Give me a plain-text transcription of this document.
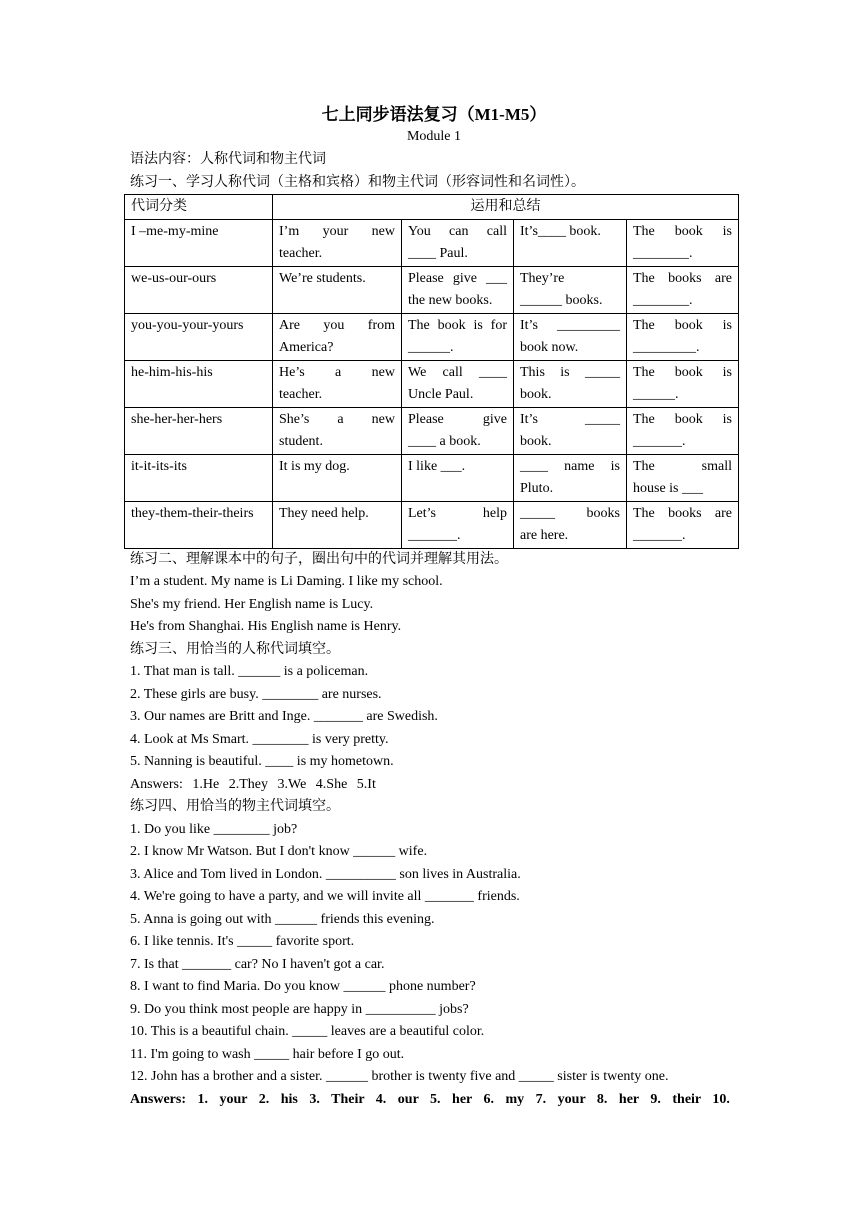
七上同步语法复习（M1-M5）

Module 1

语法内容：人称代词和物主代词

练习一、学习人称代词（主格和宾格）和物主代词（形容词性和名词性）。

代词分类	运用和总结			
I –me-my-mine	I’m your new
teacher.	You can call
____ Paul.	It’s____ book.	The book is
________.

we-us-our-ours	We’re students.	Please give ___
the new books.	They’re
______ books.	The books are
________.

you-you-your-yours	Are you from
America?	The book is for
______.	It’s _________
book now.	The book is
_________.

he-him-his-his	He’s a new
teacher.	We call ____
Uncle Paul.	This is _____
book.	The book is
______.

she-her-her-hers	She’s a new
student.	Please give
____ a book.	It’s _____
book.	The book is
_______.

it-it-its-its	It is my dog.	I like ___.	____ name is
Pluto.	The small
house is ___

they-them-their-theirs	They need help.	Let’s help
_______.	_____ books
are here.	The books are
_______.

练习二、理解课本中的句子，圈出句中的代词并理解其用法。

I’m a student. My name is Li Daming. I like my school.

She's my friend. Her English name is Lucy.

He's from Shanghai. His English name is Henry.

练习三、用恰当的人称代词填空。

1. That man is tall. ______ is a policeman.

2. These girls are busy. ________ are nurses.

3. Our names are Britt and Inge. _______ are Swedish.

4. Look at Ms Smart. ________ is very pretty.

5. Nanning is beautiful. ____ is my hometown.

Answers: 1.He 2.They 3.We 4.She 5.It

练习四、用恰当的物主代词填空。

1. Do you like ________ job?

2. I know Mr Watson. But I don't know ______ wife.

3. Alice and Tom lived in London. __________ son lives in Australia.

4. We're going to have a party, and we will invite all _______ friends.

5. Anna is going out with ______ friends this evening.

6. I like tennis. It's _____ favorite sport.

7. Is that _______ car? No I haven't got a car.

8. I want to find Maria. Do you know ______ phone number?

9. Do you think most people are happy in __________ jobs?

10. This is a beautiful chain. _____ leaves are a beautiful color.

11. I'm going to wash _____ hair before I go out.

12. John has a brother and a sister. ______ brother is twenty five and _____ sister is twenty one.

Answers: 1. your 2. his 3. Their 4. our 5. her 6. my 7. your 8. her 9. their 10.
